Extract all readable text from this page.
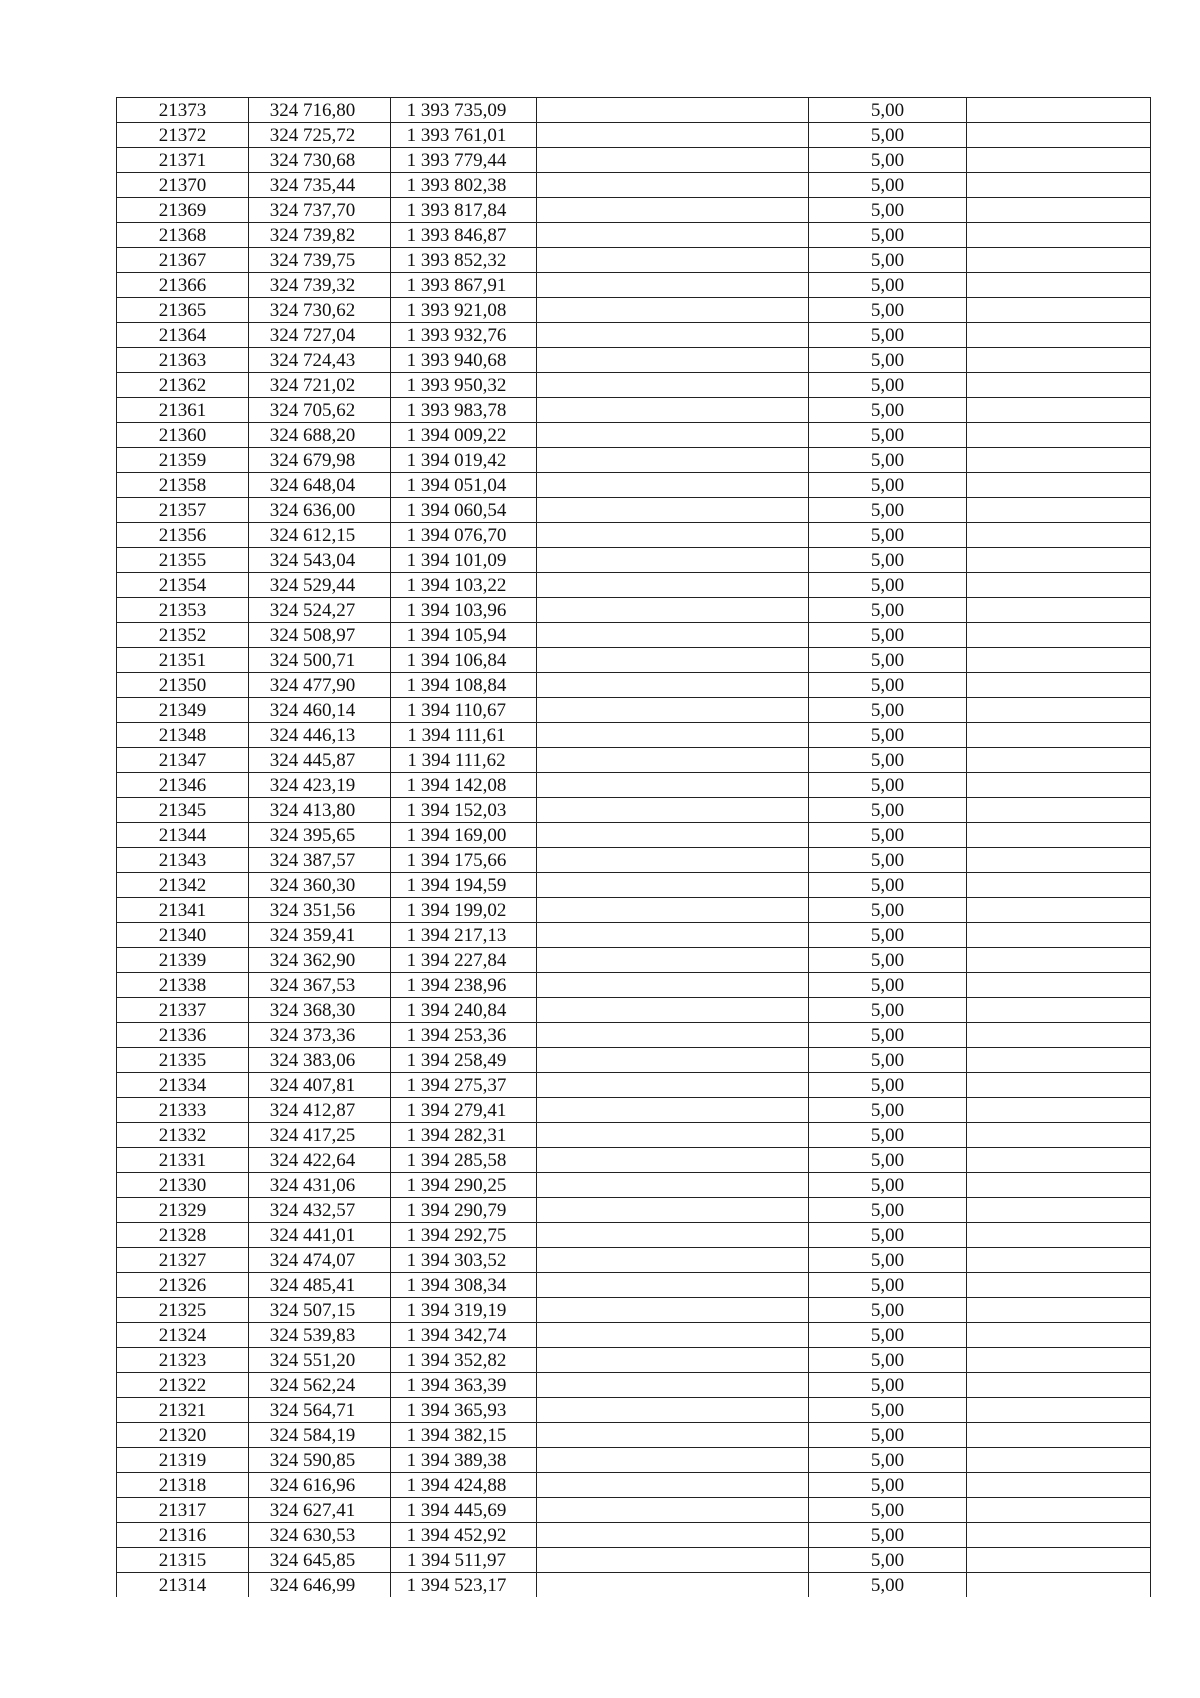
21373	324 716,80	1 393 735,09		5,00	
21372	324 725,72	1 393 761,01		5,00	
21371	324 730,68	1 393 779,44		5,00	
21370	324 735,44	1 393 802,38		5,00	
21369	324 737,70	1 393 817,84		5,00	
21368	324 739,82	1 393 846,87		5,00	
21367	324 739,75	1 393 852,32		5,00	
21366	324 739,32	1 393 867,91		5,00	
21365	324 730,62	1 393 921,08		5,00	
21364	324 727,04	1 393 932,76		5,00	
21363	324 724,43	1 393 940,68		5,00	
21362	324 721,02	1 393 950,32		5,00	
21361	324 705,62	1 393 983,78		5,00	
21360	324 688,20	1 394 009,22		5,00	
21359	324 679,98	1 394 019,42		5,00	
21358	324 648,04	1 394 051,04		5,00	
21357	324 636,00	1 394 060,54		5,00	
21356	324 612,15	1 394 076,70		5,00	
21355	324 543,04	1 394 101,09		5,00	
21354	324 529,44	1 394 103,22		5,00	
21353	324 524,27	1 394 103,96		5,00	
21352	324 508,97	1 394 105,94		5,00	
21351	324 500,71	1 394 106,84		5,00	
21350	324 477,90	1 394 108,84		5,00	
21349	324 460,14	1 394 110,67		5,00	
21348	324 446,13	1 394 111,61		5,00	
21347	324 445,87	1 394 111,62		5,00	
21346	324 423,19	1 394 142,08		5,00	
21345	324 413,80	1 394 152,03		5,00	
21344	324 395,65	1 394 169,00		5,00	
21343	324 387,57	1 394 175,66		5,00	
21342	324 360,30	1 394 194,59		5,00	
21341	324 351,56	1 394 199,02		5,00	
21340	324 359,41	1 394 217,13		5,00	
21339	324 362,90	1 394 227,84		5,00	
21338	324 367,53	1 394 238,96		5,00	
21337	324 368,30	1 394 240,84		5,00	
21336	324 373,36	1 394 253,36		5,00	
21335	324 383,06	1 394 258,49		5,00	
21334	324 407,81	1 394 275,37		5,00	
21333	324 412,87	1 394 279,41		5,00	
21332	324 417,25	1 394 282,31		5,00	
21331	324 422,64	1 394 285,58		5,00	
21330	324 431,06	1 394 290,25		5,00	
21329	324 432,57	1 394 290,79		5,00	
21328	324 441,01	1 394 292,75		5,00	
21327	324 474,07	1 394 303,52		5,00	
21326	324 485,41	1 394 308,34		5,00	
21325	324 507,15	1 394 319,19		5,00	
21324	324 539,83	1 394 342,74		5,00	
21323	324 551,20	1 394 352,82		5,00	
21322	324 562,24	1 394 363,39		5,00	
21321	324 564,71	1 394 365,93		5,00	
21320	324 584,19	1 394 382,15		5,00	
21319	324 590,85	1 394 389,38		5,00	
21318	324 616,96	1 394 424,88		5,00	
21317	324 627,41	1 394 445,69		5,00	
21316	324 630,53	1 394 452,92		5,00	
21315	324 645,85	1 394 511,97		5,00	
21314	324 646,99	1 394 523,17		5,00	
